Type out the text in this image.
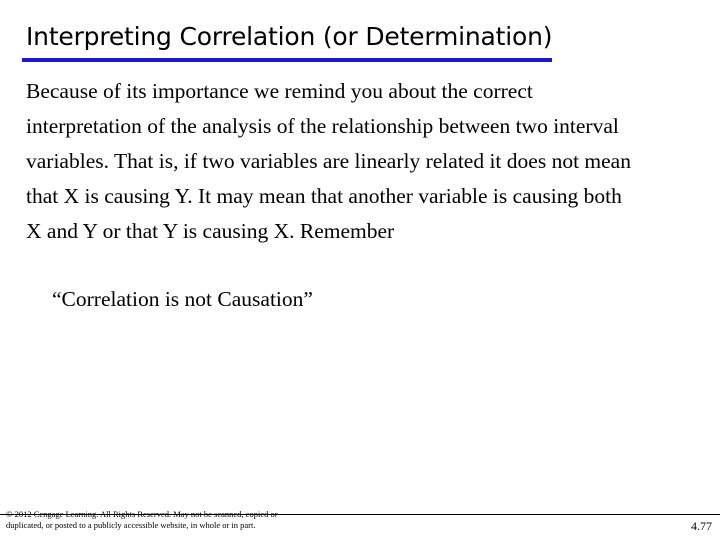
Interpreting Correlation (or Determination)
Because of its importance we remind you about the correct
interpretation of the analysis of the relationship between two interval
variables. That is, if two variables are linearly related it does not mean
that X is causing Y. It may mean that another variable is causing both
X and Y or that Y is causing X. Remember
“Correlation is not Causation”
© 2012 Cengage Learning. All Rights Reserved. May not be scanned, copied or
duplicated, or posted to a publicly accessible website, in whole or in part.	4.77
